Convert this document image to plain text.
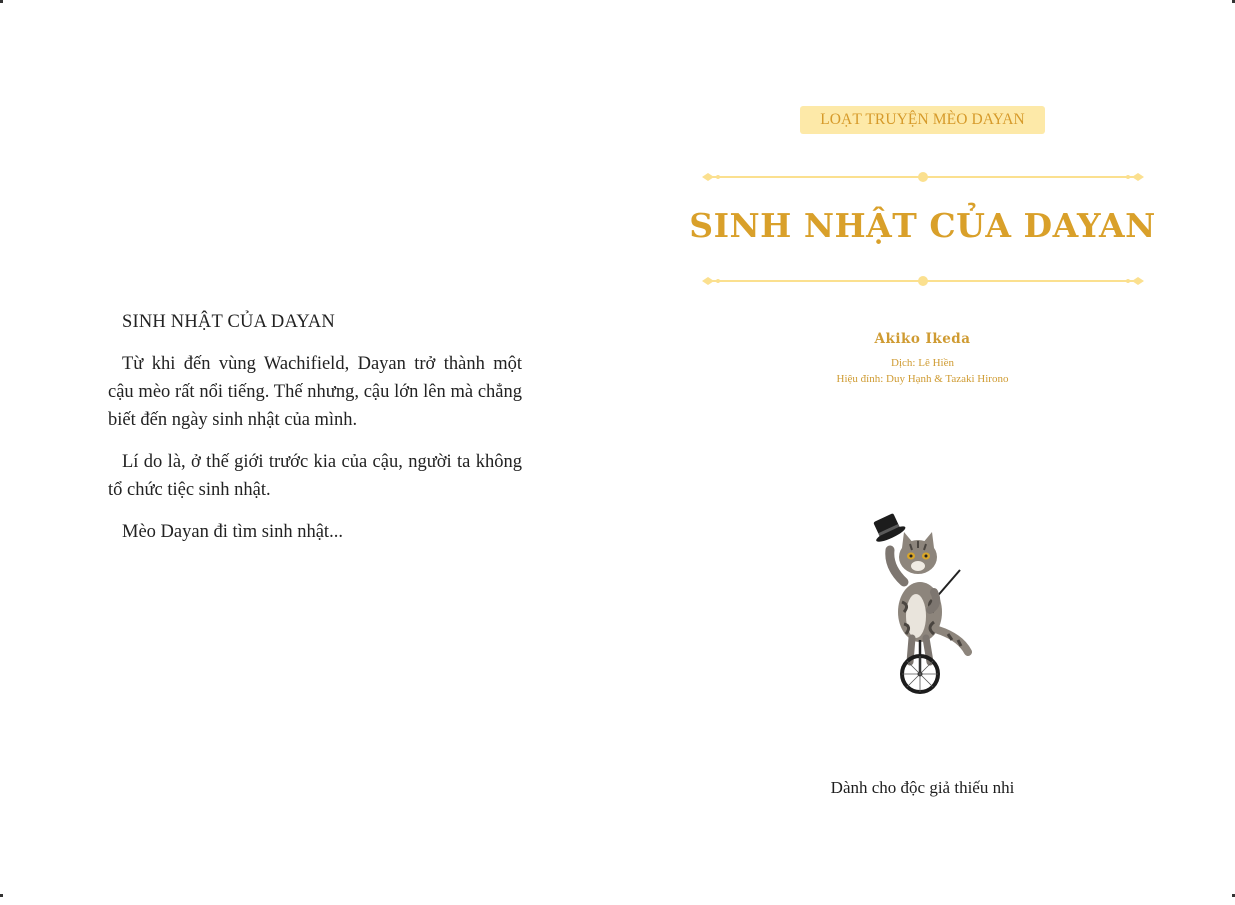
SINH NHẬT CỦA DAYAN

Từ khi đến vùng Wachifield, Dayan trở thành một cậu mèo rất nổi tiếng. Thế nhưng, cậu lớn lên mà chẳng biết đến ngày sinh nhật của mình.

Lí do là, ở thế giới trước kia của cậu, người ta không tổ chức tiệc sinh nhật.

Mèo Dayan đi tìm sinh nhật...

LOẠT TRUYỆN MÈO DAYAN
SINH NHẬT CỦA DAYAN
Akiko Ikeda
Dịch: Lê Hiền
Hiệu đính: Duy Hạnh & Tazaki Hirono
Dành cho độc giả thiếu nhi
